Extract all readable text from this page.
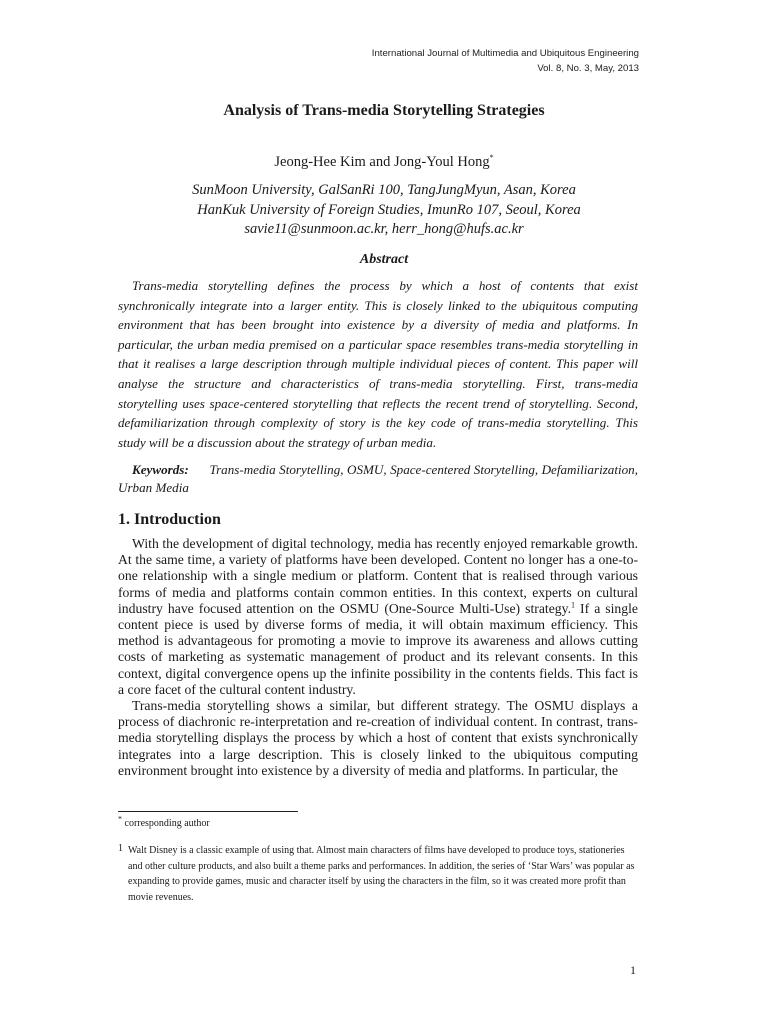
International Journal of Multimedia and Ubiquitous Engineering
Vol. 8, No. 3, May, 2013
Analysis of Trans-media Storytelling Strategies
Jeong-Hee Kim and Jong-Youl Hong*
SunMoon University, GalSanRi 100, TangJungMyun, Asan, Korea
HanKuk University of Foreign Studies, ImunRo 107, Seoul, Korea
savie11@sunmoon.ac.kr, herr_hong@hufs.ac.kr
Abstract

Trans-media storytelling defines the process by which a host of contents that exist synchronically integrate into a larger entity. This is closely linked to the ubiquitous computing environment that has been brought into existence by a diversity of media and platforms. In particular, the urban media premised on a particular space resembles trans-media storytelling in that it realises a large description through multiple individual pieces of content. This paper will analyse the structure and characteristics of trans-media storytelling. First, trans-media storytelling uses space-centered storytelling that reflects the recent trend of storytelling. Second, defamiliarization through complexity of story is the key code of trans-media storytelling. This study will be a discussion about the strategy of urban media.

Keywords: Trans-media Storytelling, OSMU, Space-centered Storytelling, Defamiliarization, Urban Media

1. Introduction

With the development of digital technology, media has recently enjoyed remarkable growth. At the same time, a variety of platforms have been developed. Content no longer has a one-to-one relationship with a single medium or platform. Content that is realised through various forms of media and platforms contain common entities. In this context, experts on cultural industry have focused attention on the OSMU (One-Source Multi-Use) strategy.$^1$ If a single content piece is used by diverse forms of media, it will obtain maximum efficiency. This method is advantageous for promoting a movie to improve its awareness and allows cutting costs of marketing as systematic management of product and its relevant consents. In this context, digital convergence opens up the infinite possibility in the contents fields. This fact is a core facet of the cultural content industry.

Trans-media storytelling shows a similar, but different strategy. The OSMU displays a process of diachronic re-interpretation and re-creation of individual content. In contrast, trans-media storytelling displays the process by which a host of content that exists synchronically integrates into a large description. This is closely linked to the ubiquitous computing environment brought into existence by a diversity of media and platforms. In particular, the

* corresponding author
1 Walt Disney is a classic example of using that. Almost main characters of films have developed to produce toys, stationeries and other culture products, and also built a theme parks and performances. In addition, the series of ‘Star Wars’ was popular as expanding to provide games, music and character itself by using the characters in the film, so it was created more profit than movie revenues.
1
